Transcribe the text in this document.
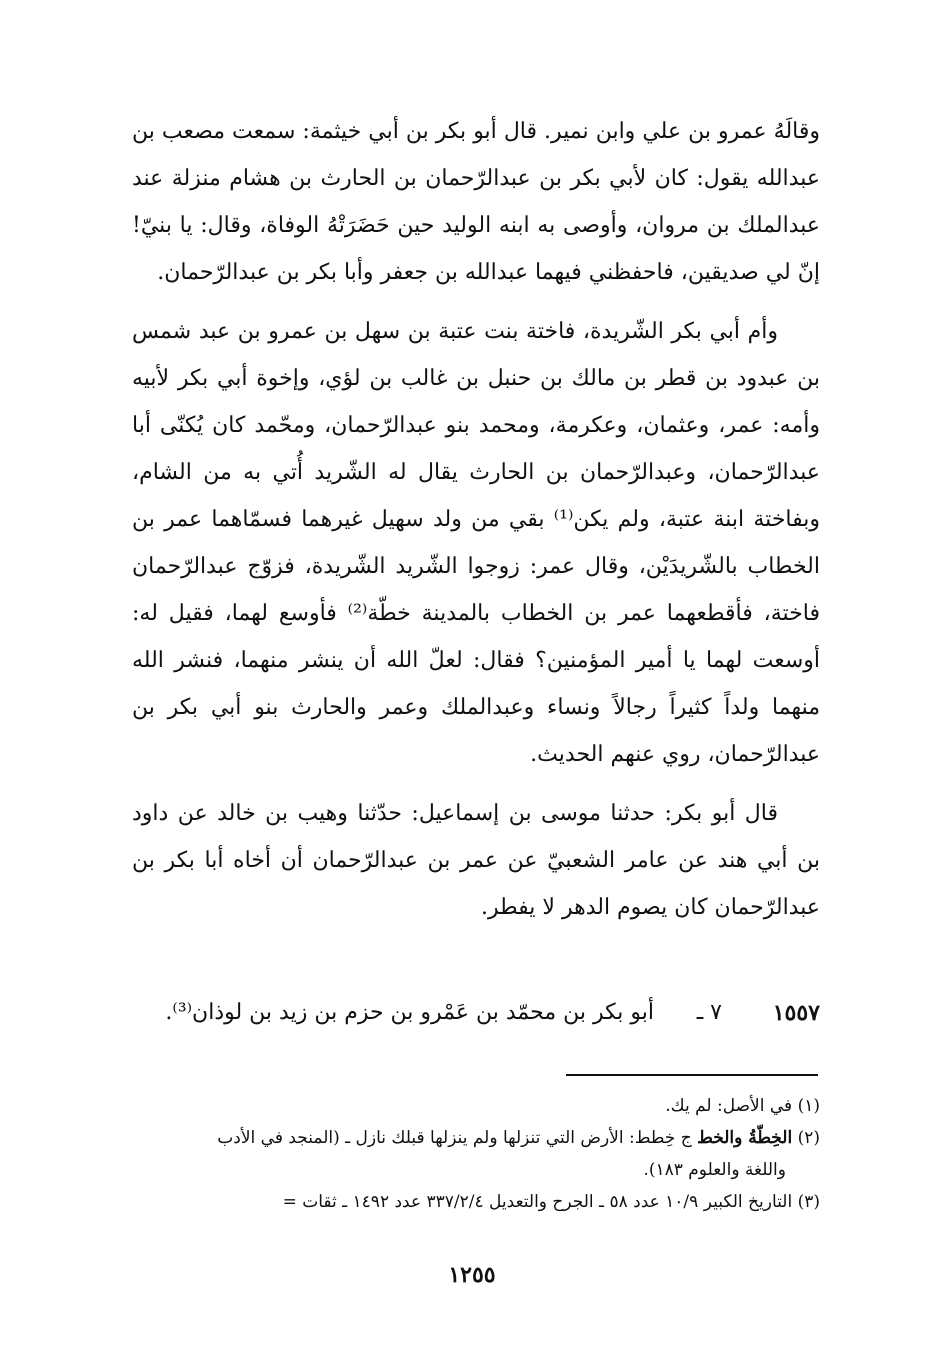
وقالَهُ عمرو بن علي وابن نمير. قال أبو بكر بن أبي خيثمة: سمعت مصعب بن عبدالله يقول: كان لأبي بكر بن عبدالرّحمان بن الحارث بن هشام منزلة عند عبدالملك بن مروان، وأوصى به ابنه الوليد حين حَضَرَتْهُ الوفاة، وقال: يا بنيّ! إنّ لي صديقين، فاحفظني فيهما عبدالله بن جعفر وأبا بكر بن عبدالرّحمان.

وأم أبي بكر الشّريدة، فاختة بنت عتبة بن سهل بن عمرو بن عبد شمس بن عبدود بن قطر بن مالك بن حنبل بن غالب بن لؤي، وإخوة أبي بكر لأبيه وأمه: عمر، وعثمان، وعكرمة، ومحمد بنو عبدالرّحمان، ومحّمد كان يُكنّى أبا عبدالرّحمان، وعبدالرّحمان بن الحارث يقال له الشّريد أُتي به من الشام، وبفاختة ابنة عتبة، ولم يكن⁽¹⁾ بقي من ولد سهيل غيرهما فسمّاهما عمر بن الخطاب بالشّريدَيْن، وقال عمر: زوجوا الشّريد الشّريدة، فزوّج عبدالرّحمان فاختة، فأقطعهما عمر بن الخطاب بالمدينة خطّة⁽²⁾ فأوسع لهما، فقيل له: أوسعت لهما يا أمير المؤمنين؟ فقال: لعلّ الله أن ينشر منهما، فنشر الله منهما ولداً كثيراً رجالاً ونساء وعبدالملك وعمر والحارث بنو أبي بكر بن عبدالرّحمان، روي عنهم الحديث.

قال أبو بكر: حدثنا موسى بن إسماعيل: حدّثنا وهيب بن خالد عن داود بن أبي هند عن عامر الشعبيّ عن عمر بن عبدالرّحمان أن أخاه أبا بكر بن عبدالرّحمان كان يصوم الدهر لا يفطر.

١٥٥٧
٧ ـ
أبو بكر بن محمّد بن عَمْرو بن حزم بن زيد بن لوذان⁽³⁾.

(١) في الأصل: لم يك.

(٢) الخِطّةُ والخط ج خِطط: الأرض التي تنزلها ولم ينزلها قبلك نازل ـ (المنجد في الأدب
واللغة والعلوم ١٨٣).

(٣) التاريخ الكبير ١٠/٩ عدد ٥٨ ـ الجرح والتعديل ٣٣٧/٢/٤ عدد ١٤٩٢ ـ ثقات =

١٢٥٥
